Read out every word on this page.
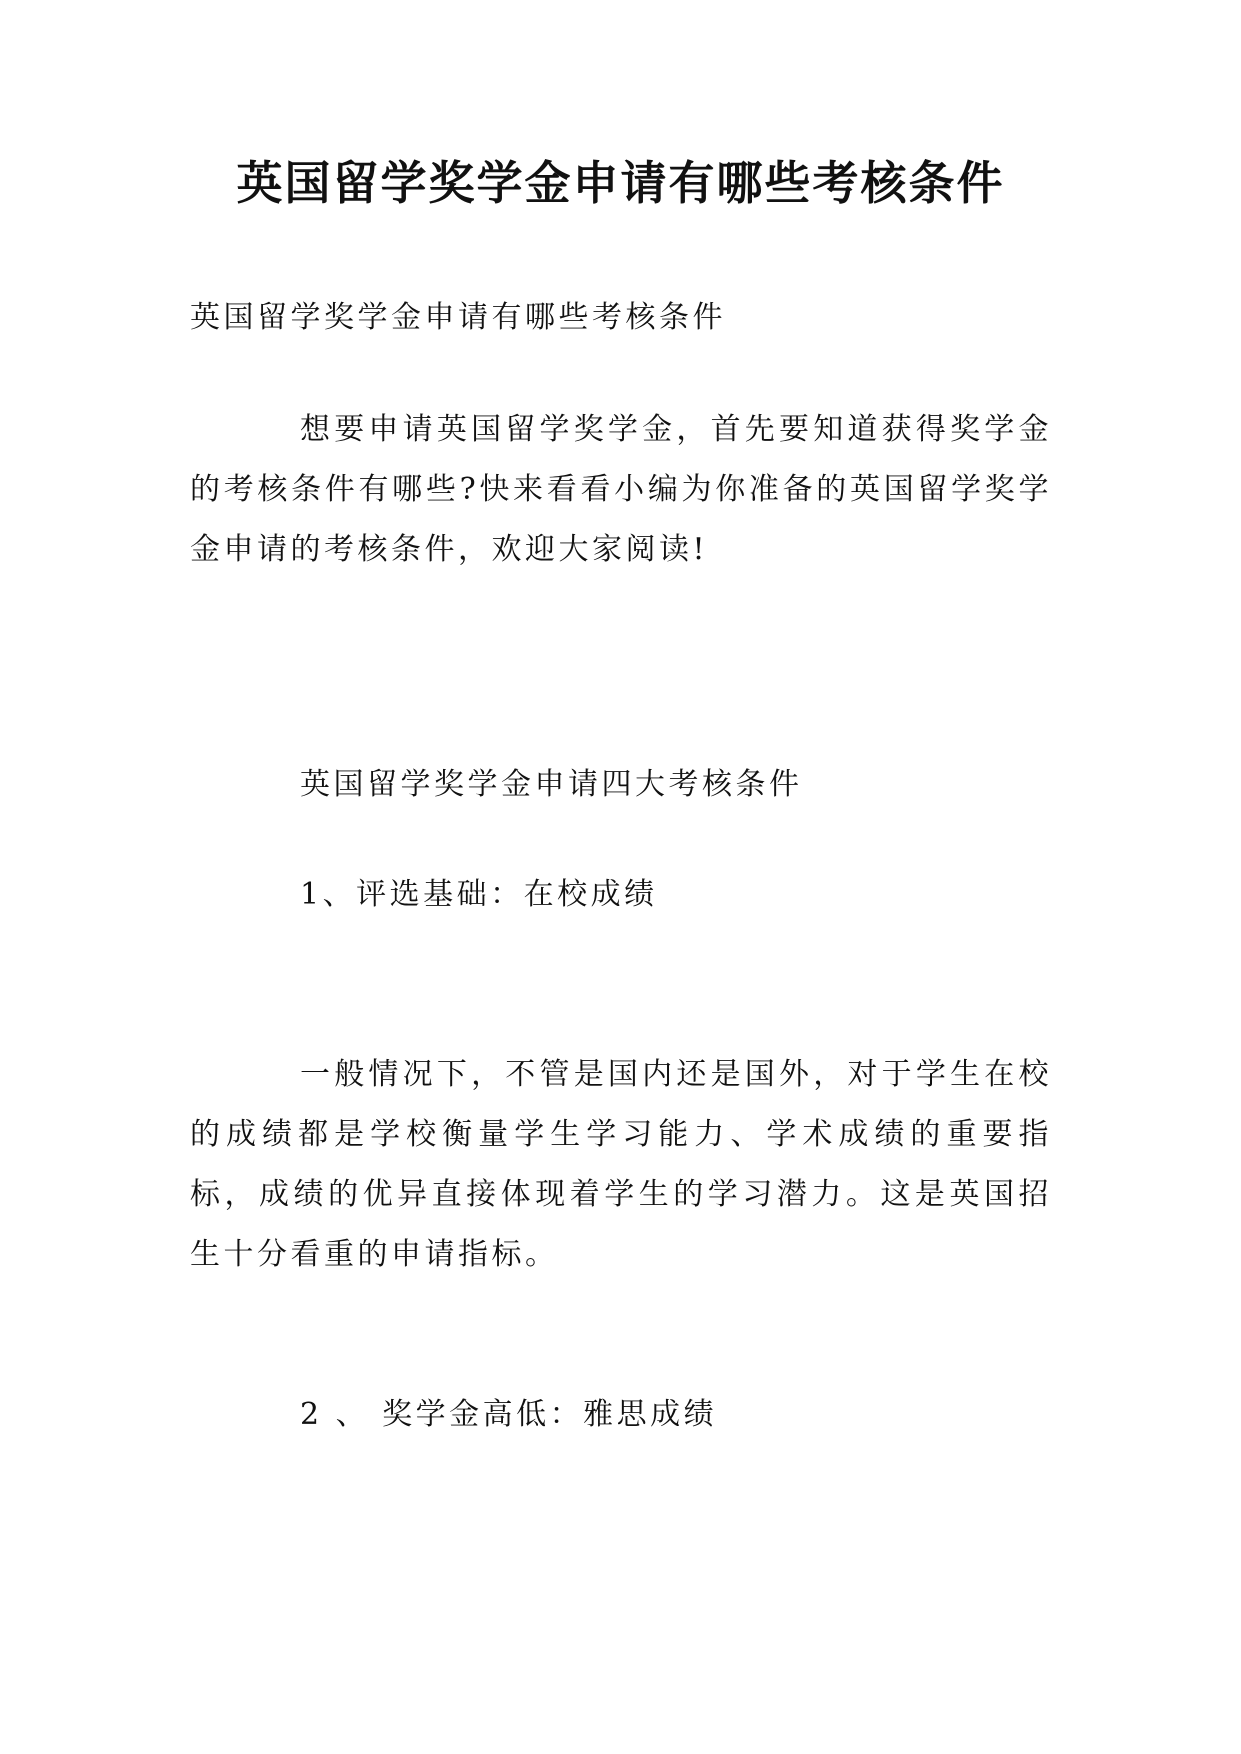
英国留学奖学金申请有哪些考核条件

英国留学奖学金申请有哪些考核条件

想要申请英国留学奖学金，首先要知道获得奖学金的考核条件有哪些?快来看看小编为你准备的英国留学奖学金申请的考核条件，欢迎大家阅读!

英国留学奖学金申请四大考核条件

1、评选基础：在校成绩

一般情况下，不管是国内还是国外，对于学生在校的成绩都是学校衡量学生学习能力、学术成绩的重要指标，成绩的优异直接体现着学生的学习潜力。这是英国招生十分看重的申请指标。

2 、 奖学金高低：雅思成绩
